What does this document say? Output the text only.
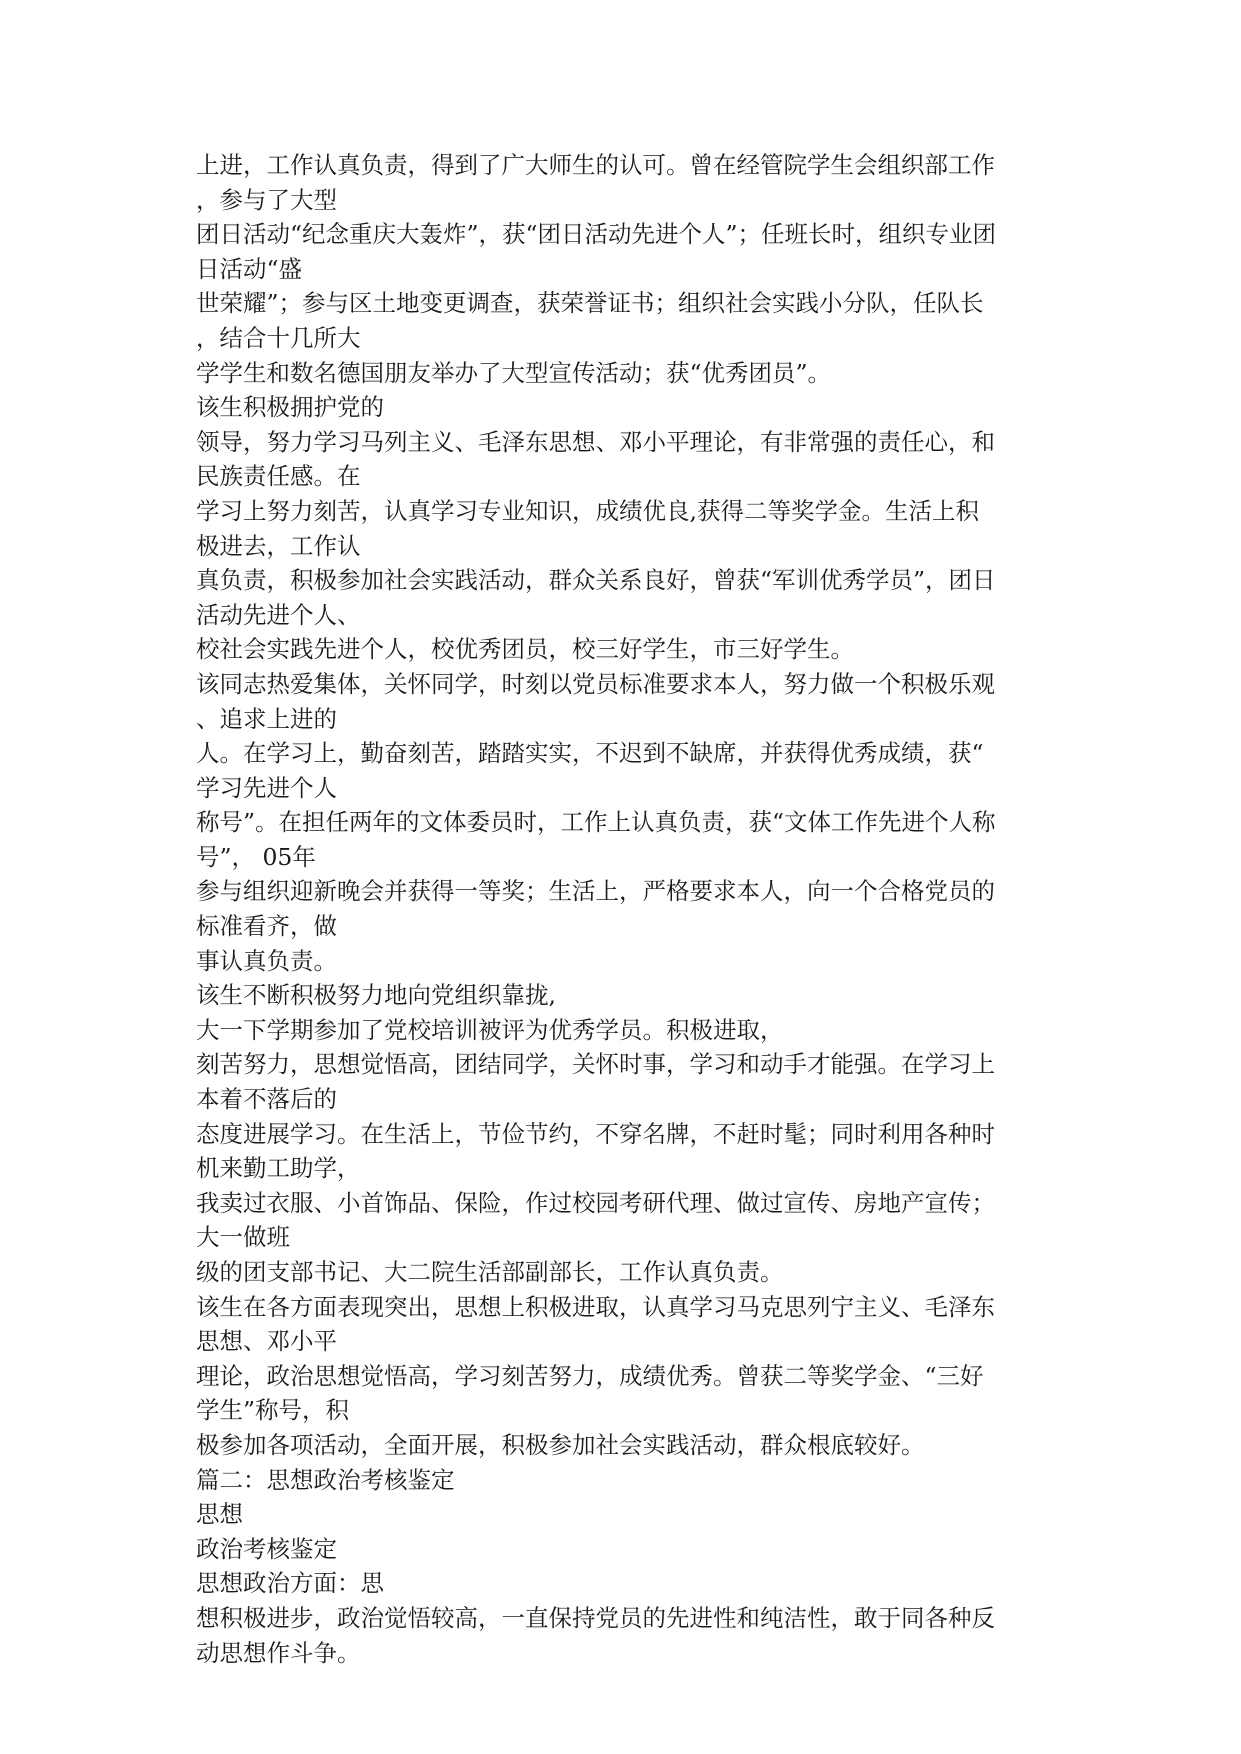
上进，工作认真负责，得到了广大师生的认可。曾在经管院学生会组织部工作
，参与了大型
团日活动“纪念重庆大轰炸”，获“团日活动先进个人”；任班长时，组织专业团
日活动“盛
世荣耀”；参与区土地变更调查，获荣誉证书；组织社会实践小分队，任队长
，结合十几所大
学学生和数名德国朋友举办了大型宣传活动；获“优秀团员”。
该生积极拥护党的
领导，努力学习马列主义、毛泽东思想、邓小平理论，有非常强的责任心，和
民族责任感。在
学习上努力刻苦，认真学习专业知识，成绩优良,获得二等奖学金。生活上积
极进去，工作认
真负责，积极参加社会实践活动，群众关系良好，曾获“军训优秀学员”，团日
活动先进个人、
校社会实践先进个人，校优秀团员，校三好学生，市三好学生。
该同志热爱集体，关怀同学，时刻以党员标准要求本人，努力做一个积极乐观
、追求上进的
人。在学习上，勤奋刻苦，踏踏实实，不迟到不缺席，并获得优秀成绩，获“
学习先进个人
称号”。在担任两年的文体委员时，工作上认真负责，获“文体工作先进个人称
号”， 05年
参与组织迎新晚会并获得一等奖；生活上，严格要求本人，向一个合格党员的
标准看齐，做
事认真负责。
该生不断积极努力地向党组织靠拢,
大一下学期参加了党校培训被评为优秀学员。积极进取，
刻苦努力，思想觉悟高，团结同学，关怀时事，学习和动手才能强。在学习上
本着不落后的
态度进展学习。在生活上，节俭节约，不穿名牌，不赶时髦；同时利用各种时
机来勤工助学，
我卖过衣服、小首饰品、保险，作过校园考研代理、做过宣传、房地产宣传；
大一做班
级的团支部书记、大二院生活部副部长，工作认真负责。
该生在各方面表现突出，思想上积极进取，认真学习马克思列宁主义、毛泽东
思想、邓小平
理论，政治思想觉悟高，学习刻苦努力，成绩优秀。曾获二等奖学金、“三好
学生”称号，积
极参加各项活动，全面开展，积极参加社会实践活动，群众根底较好。
篇二：思想政治考核鉴定
思想
政治考核鉴定
思想政治方面：思
想积极进步，政治觉悟较高，一直保持党员的先进性和纯洁性，敢于同各种反
动思想作斗争。
